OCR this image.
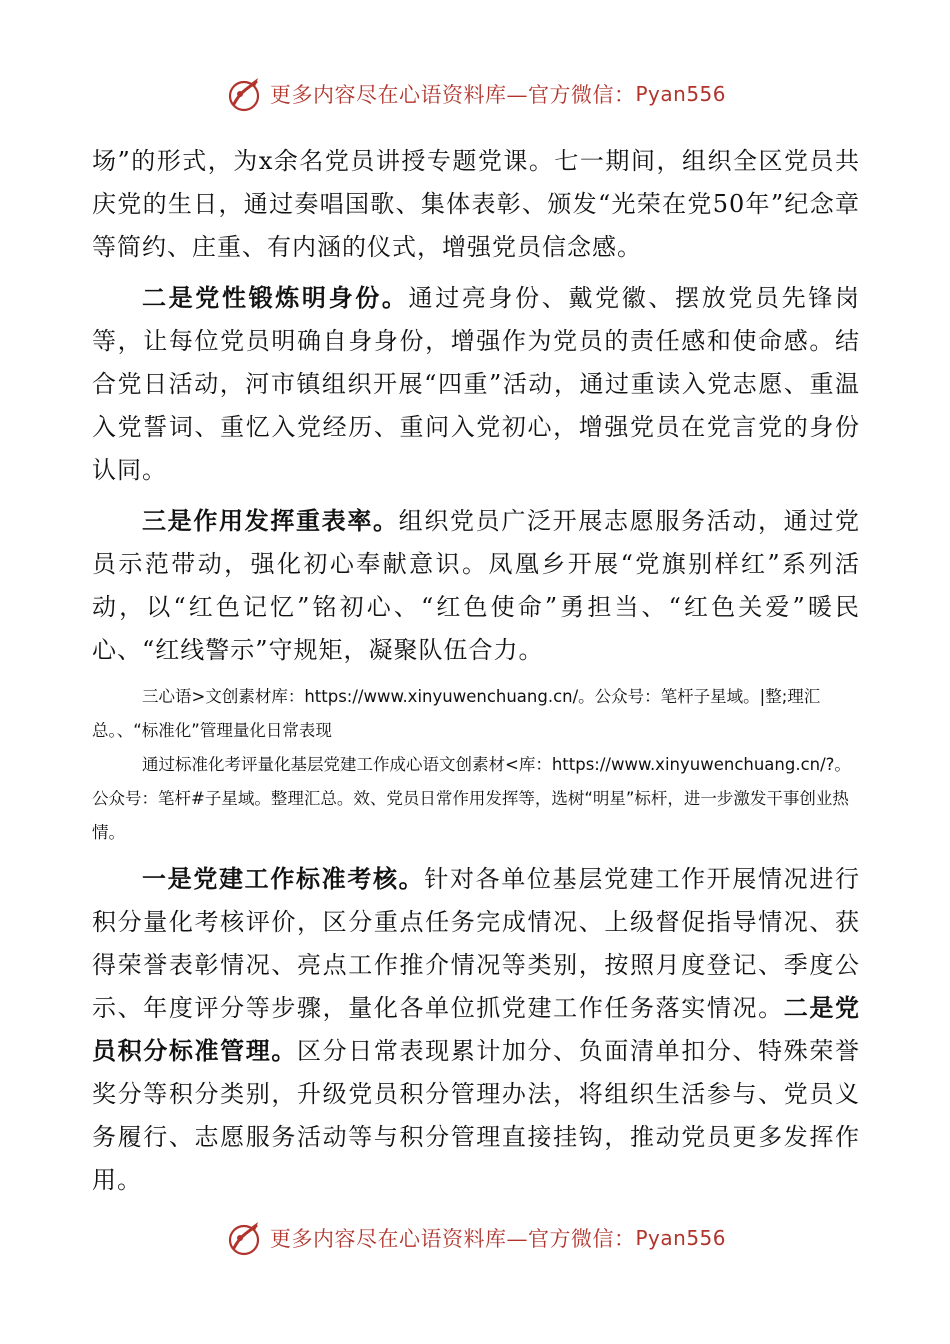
更多内容尽在心语资料库—官方微信： Pyan556

场”的形式，为x余名党员讲授专题党课。七一期间，组织全区党员共庆党的生日，通过奏唱国歌、集体表彰、颁发“光荣在党50年”纪念章等简约、庄重、有内涵的仪式，增强党员信念感。

二是党性锻炼明身份。通过亮身份、戴党徽、摆放党员先锋岗等，让每位党员明确自身身份，增强作为党员的责任感和使命感。结合党日活动，河市镇组织开展“四重”活动，通过重读入党志愿、重温入党誓词、重忆入党经历、重问入党初心，增强党员在党言党的身份认同。

三是作用发挥重表率。组织党员广泛开展志愿服务活动，通过党员示范带动，强化初心奉献意识。凤凰乡开展“党旗别样红”系列活动，以“红色记忆”铭初心、“红色使命”勇担当、“红色关爱”暖民心、“红线警示”守规矩，凝聚队伍合力。

三心语>文创素材库：https://www.xinyuwenchuang.cn/。公众号：笔杆子星域。|整;理汇总。、“标准化”管理量化日常表现

通过标准化考评量化基层党建工作成心语文创素材<库：https://www.xinyuwenchuang.cn/?。公众号：笔杆#子星域。整理汇总。效、党员日常作用发挥等，选树“明星”标杆，进一步激发干事创业热情。

一是党建工作标准考核。针对各单位基层党建工作开展情况进行积分量化考核评价，区分重点任务完成情况、上级督促指导情况、获得荣誉表彰情况、亮点工作推介情况等类别，按照月度登记、季度公示、年度评分等步骤，量化各单位抓党建工作任务落实情况。二是党员积分标准管理。区分日常表现累计加分、负面清单扣分、特殊荣誉奖分等积分类别，升级党员积分管理办法，将组织生活参与、党员义务履行、志愿服务活动等与积分管理直接挂钩，推动党员更多发挥作用。

更多内容尽在心语资料库—官方微信： Pyan556
